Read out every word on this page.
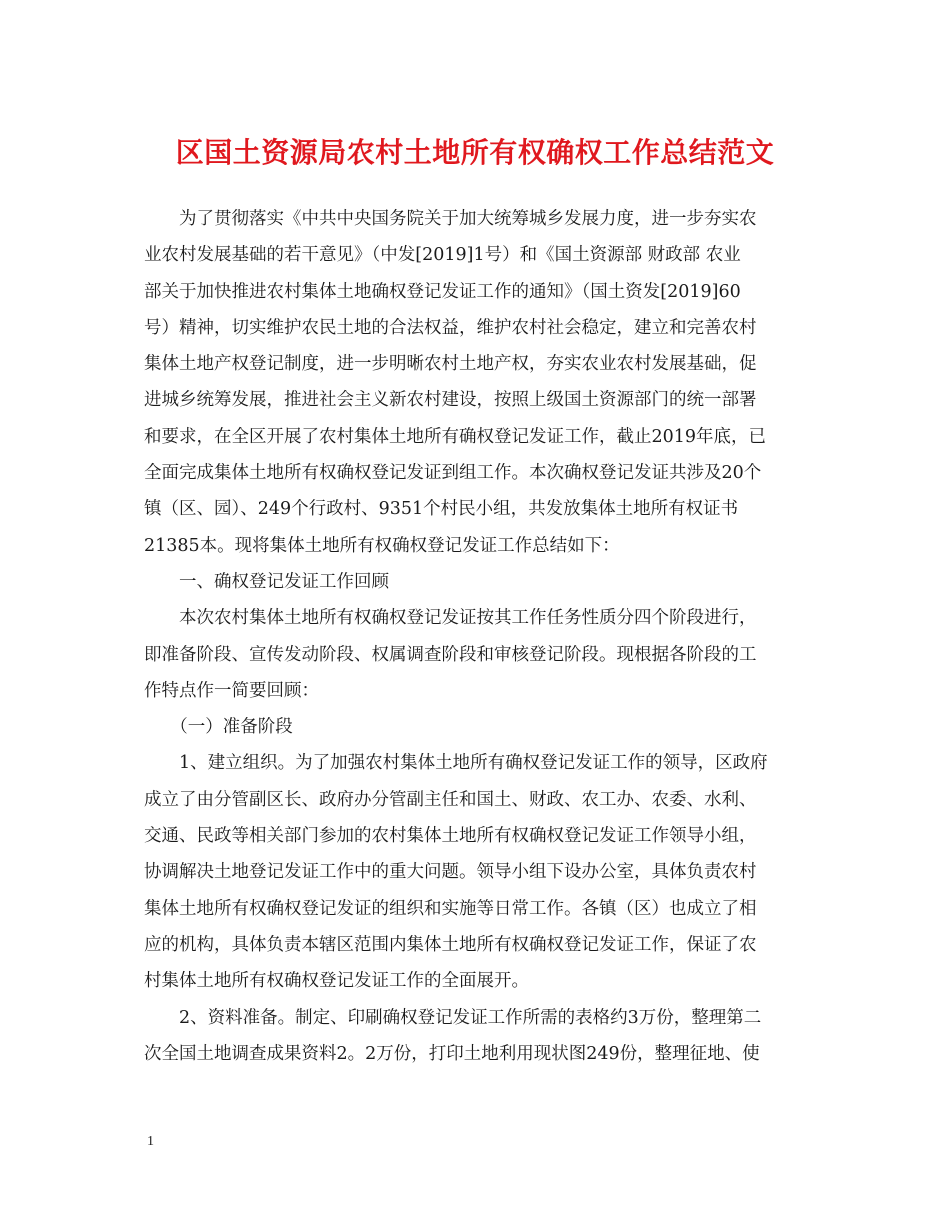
区国土资源局农村土地所有权确权工作总结范文
　　为了贯彻落实《中共中央国务院关于加大统筹城乡发展力度，进一步夯实农
业农村发展基础的若干意见》（中发[2019]1号）和《国土资源部 财政部 农业
部关于加快推进农村集体土地确权登记发证工作的通知》（国土资发[2019]60
号）精神，切实维护农民土地的合法权益，维护农村社会稳定，建立和完善农村
集体土地产权登记制度，进一步明晰农村土地产权，夯实农业农村发展基础，促
进城乡统筹发展，推进社会主义新农村建设，按照上级国土资源部门的统一部署
和要求，在全区开展了农村集体土地所有确权登记发证工作，截止2019年底，已
全面完成集体土地所有权确权登记发证到组工作。本次确权登记发证共涉及20个
镇（区、园）、249个行政村、9351个村民小组，共发放集体土地所有权证书
21385本。现将集体土地所有权确权登记发证工作总结如下：
　　一、确权登记发证工作回顾
　　本次农村集体土地所有权确权登记发证按其工作任务性质分四个阶段进行，
即准备阶段、宣传发动阶段、权属调查阶段和审核登记阶段。现根据各阶段的工
作特点作一简要回顾：
　　（一）准备阶段
　　1、建立组织。为了加强农村集体土地所有确权登记发证工作的领导，区政府
成立了由分管副区长、政府办分管副主任和国土、财政、农工办、农委、水利、
交通、民政等相关部门参加的农村集体土地所有权确权登记发证工作领导小组，
协调解决土地登记发证工作中的重大问题。领导小组下设办公室，具体负责农村
集体土地所有权确权登记发证的组织和实施等日常工作。各镇（区）也成立了相
应的机构，具体负责本辖区范围内集体土地所有权确权登记发证工作，保证了农
村集体土地所有权确权登记发证工作的全面展开。
　　2、资料准备。制定、印刷确权登记发证工作所需的表格约3万份，整理第二
次全国土地调查成果资料2。2万份，打印土地利用现状图249份，整理征地、使
1
